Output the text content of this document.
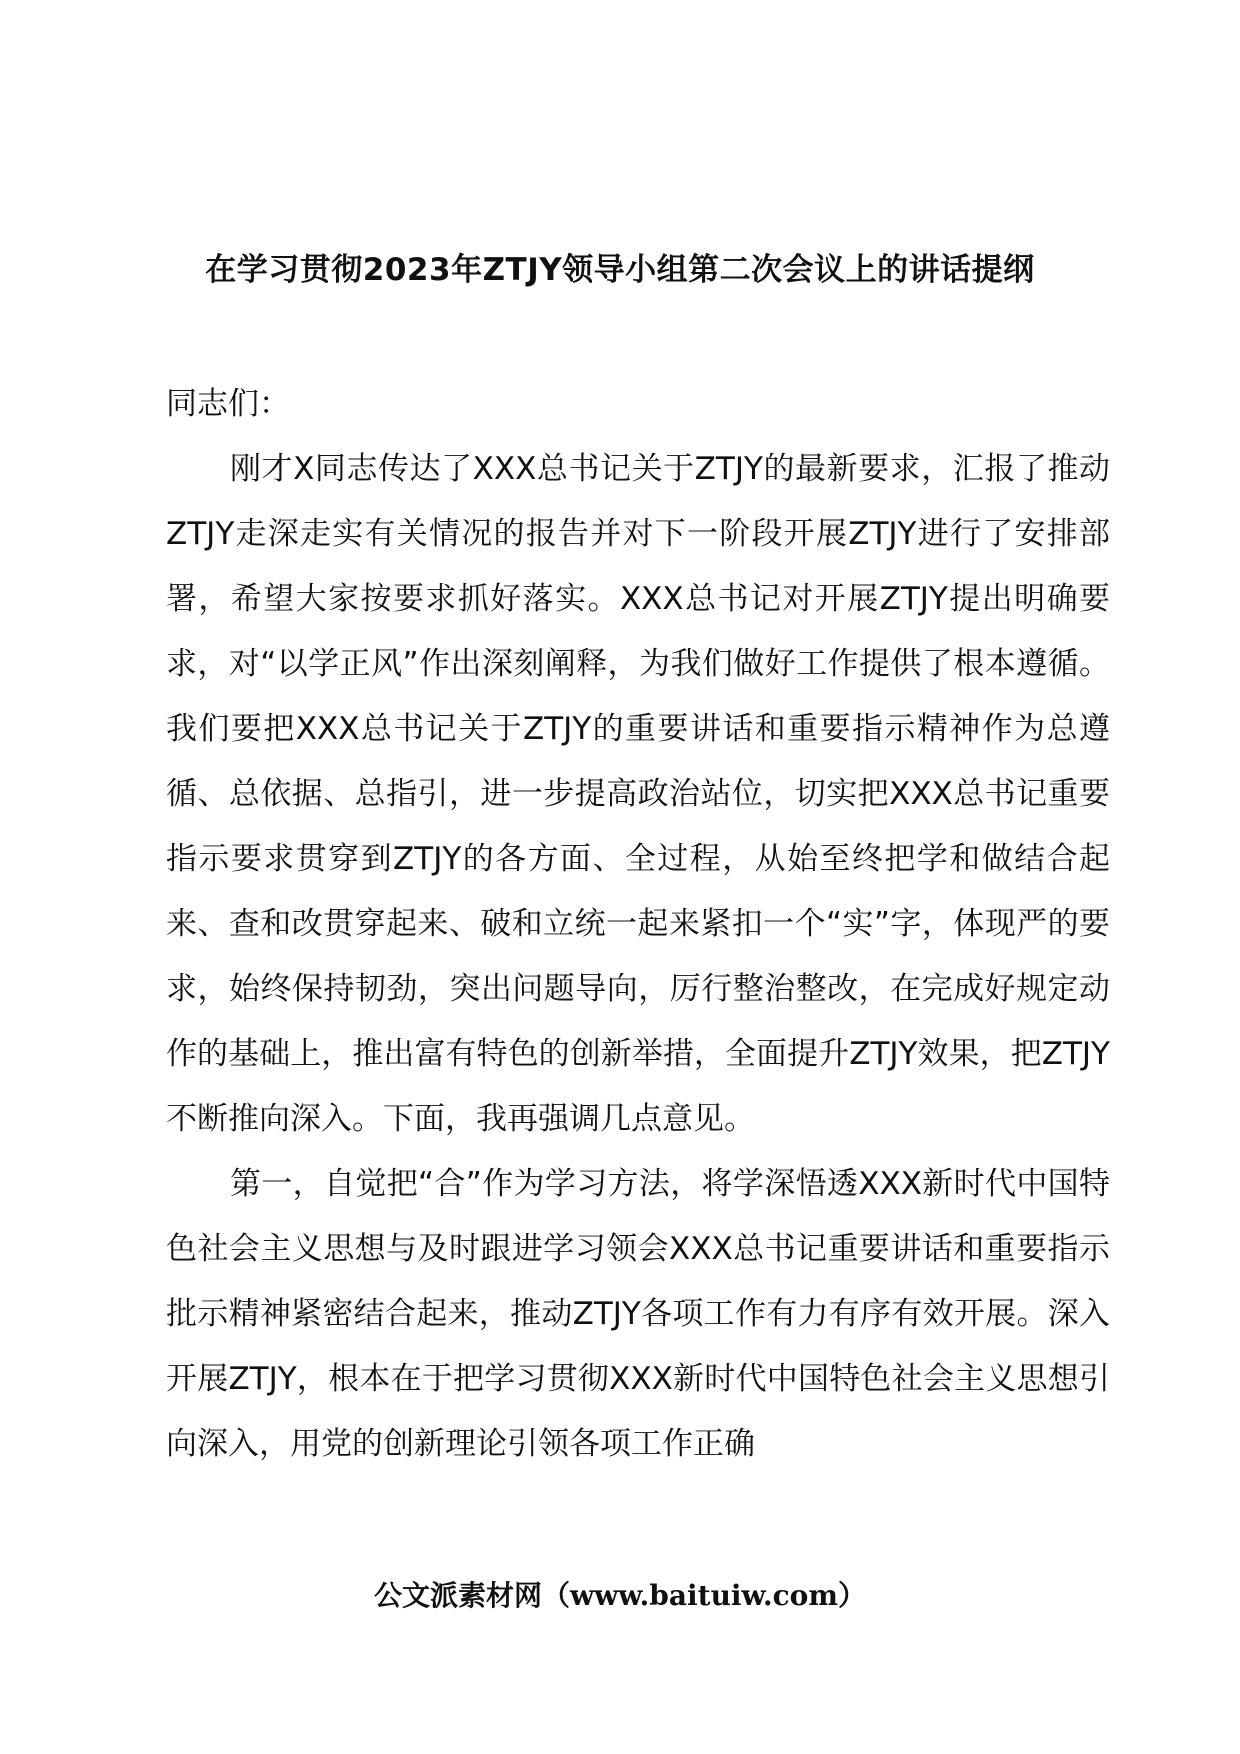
在学习贯彻2023年ZTJY领导小组第二次会议上的讲话提纲

同志们：

刚才X同志传达了XXX总书记关于ZTJY的最新要求，汇报了推动ZTJY走深走实有关情况的报告并对下一阶段开展ZTJY进行了安排部署，希望大家按要求抓好落实。XXX总书记对开展ZTJY提出明确要求，对“以学正风”作出深刻阐释，为我们做好工作提供了根本遵循。我们要把XXX总书记关于ZTJY的重要讲话和重要指示精神作为总遵循、总依据、总指引，进一步提高政治站位，切实把XXX总书记重要指示要求贯穿到ZTJY的各方面、全过程，从始至终把学和做结合起来、查和改贯穿起来、破和立统一起来紧扣一个“实”字，体现严的要求，始终保持韧劲，突出问题导向，厉行整治整改，在完成好规定动作的基础上，推出富有特色的创新举措，全面提升ZTJY效果，把ZTJY不断推向深入。下面，我再强调几点意见。

第一，自觉把“合”作为学习方法，将学深悟透XXX新时代中国特色社会主义思想与及时跟进学习领会XXX总书记重要讲话和重要指示批示精神紧密结合起来，推动ZTJY各项工作有力有序有效开展。深入开展ZTJY，根本在于把学习贯彻XXX新时代中国特色社会主义思想引向深入，用党的创新理论引领各项工作正确

公文派素材网（www.baituiw.com）
